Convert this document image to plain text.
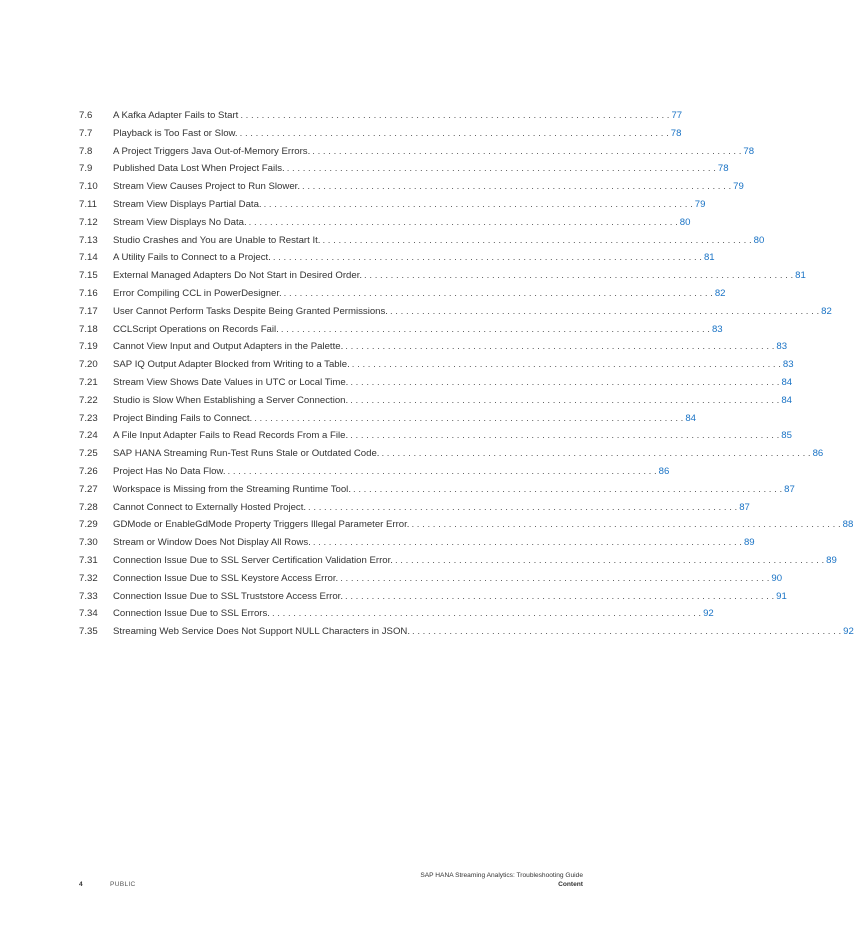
7.6	A Kafka Adapter Fails to Start . . .	77
7.7	Playback is Too Fast or Slow. . . .	78
7.8	A Project Triggers Java Out-of-Memory Errors. . . .	78
7.9	Published Data Lost When Project Fails. . . .	78
7.10	Stream View Causes Project to Run Slower. . . .	79
7.11	Stream View Displays Partial Data. . . .	79
7.12	Stream View Displays No Data. . . .	80
7.13	Studio Crashes and You are Unable to Restart It. . . .	80
7.14	A Utility Fails to Connect to a Project. . . .	81
7.15	External Managed Adapters Do Not Start in Desired Order. . . .	81
7.16	Error Compiling CCL in PowerDesigner. . . .	82
7.17	User Cannot Perform Tasks Despite Being Granted Permissions. . . .	82
7.18	CCLScript Operations on Records Fail. . . .	83
7.19	Cannot View Input and Output Adapters in the Palette. . . .	83
7.20	SAP IQ Output Adapter Blocked from Writing to a Table. . . .	83
7.21	Stream View Shows Date Values in UTC or Local Time. . . .	84
7.22	Studio is Slow When Establishing a Server Connection. . . .	84
7.23	Project Binding Fails to Connect. . . .	84
7.24	A File Input Adapter Fails to Read Records From a File. . . .	85
7.25	SAP HANA Streaming Run-Test Runs Stale or Outdated Code. . . .	86
7.26	Project Has No Data Flow. . . .	86
7.27	Workspace is Missing from the Streaming Runtime Tool. . . .	87
7.28	Cannot Connect to Externally Hosted Project. . . .	87
7.29	GDMode or EnableGdMode Property Triggers Illegal Parameter Error. . . .	88
7.30	Stream or Window Does Not Display All Rows. . . .	89
7.31	Connection Issue Due to SSL Server Certification Validation Error. . . .	89
7.32	Connection Issue Due to SSL Keystore Access Error. . . .	90
7.33	Connection Issue Due to SSL Truststore Access Error. . . .	91
7.34	Connection Issue Due to SSL Errors. . . .	92
7.35	Streaming Web Service Does Not Support NULL Characters in JSON. . . .	92
SAP HANA Streaming Analytics: Troubleshooting Guide
Content
4	PUBLIC
